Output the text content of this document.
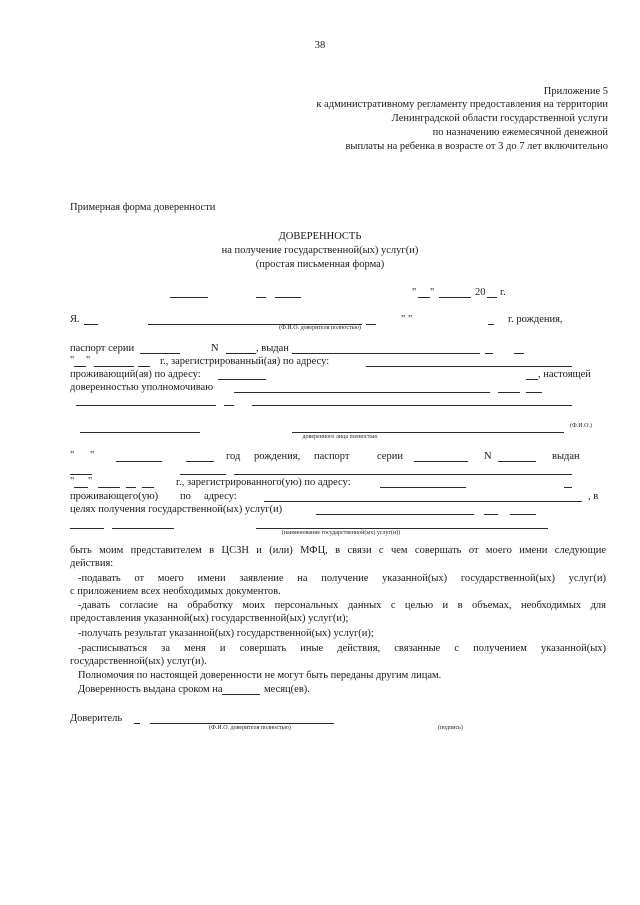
38
Приложение 5
к административному регламенту предоставления на территории
Ленинградской области государственной услуги
по назначению ежемесячной денежной
выплаты на ребенка в возрасте от 3 до 7 лет включительно
Примерная форма доверенности
ДОВЕРЕННОСТЬ
на получение государственной(ых) услуг(и)
(простая письменная форма)
" "	20 г.
Я.	" "	г. рождения,
(Ф.И.О. доверителя полностью)
паспорт серии	N	, выдан
" "	г., зарегистрированный(ая) по адресу:
проживающий(ая) по адресу:	, настоящей
доверенностью уполномочиваю
(Ф.И.О.)
доверенного лица полностью
" "	год рождения, паспорт	серии	N	выдан
" "	г., зарегистрированного(ую) по адресу:
проживающего(ую) по адресу:	, в
целях получения государственной(ых) услуг(и)
(наименование государственной(ых) услуг(и))
быть моим представителем в ЦСЗН и (или) МФЦ, в связи с чем совершать от моего имени следующие
действия:
-подавать от моего имени заявление на получение указанной(ых) государственной(ых) услуг(и)
с приложением всех необходимых документов.
-давать согласие на обработку моих персональных данных с целью и в объемах, необходимых для
предоставления указанной(ых) государственной(ых) услуг(и);
-получать результат указанной(ых) государственной(ых) услуг(и);
-расписываться за меня и совершать иные действия, связанные с получением указанной(ых)
государственной(ых) услуг(и).
Полномочия по настоящей доверенности не могут быть переданы другим лицам.
Доверенность выдана сроком на	месяц(ев).
Доверитель
(Ф.И.О. доверителя полностью)	(подпись)
